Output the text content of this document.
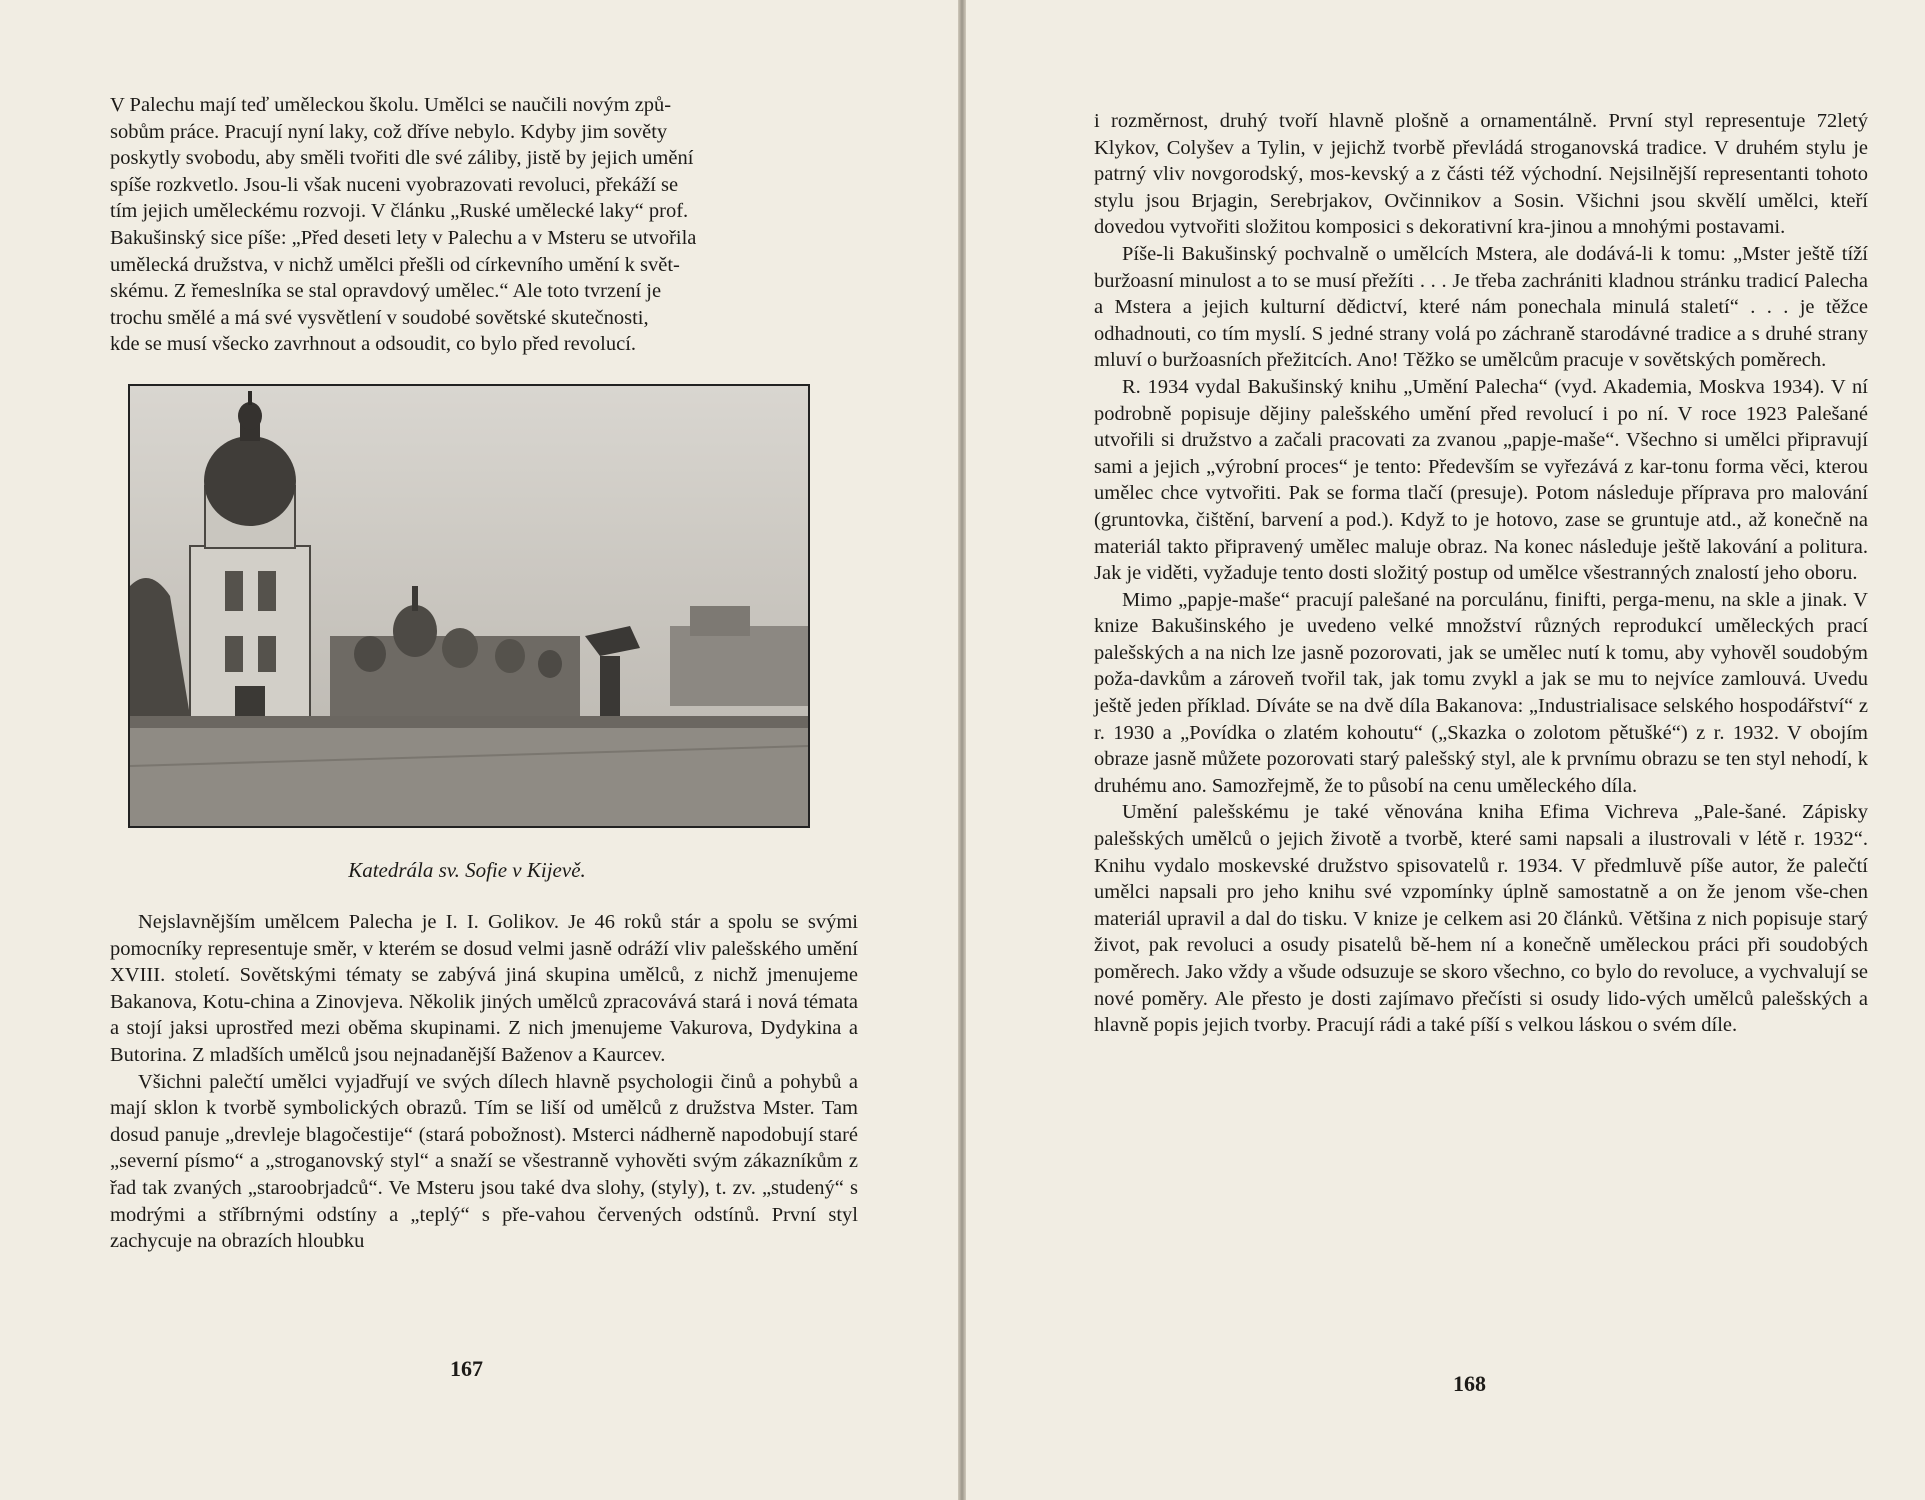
V Palechu mají teď uměleckou školu. Umělci se naučili novým způ-

sobům práce. Pracují nyní laky, což dříve nebylo. Kdyby jim sověty

poskytly svobodu, aby směli tvořiti dle své záliby, jistě by jejich umění

spíše rozkvetlo. Jsou-li však nuceni vyobrazovati revoluci, překáží se

tím jejich uměleckému rozvoji. V článku „Ruské umělecké laky“ prof.

Bakušinský sice píše: „Před deseti lety v Palechu a v Msteru se utvořila

umělecká družstva, v nichž umělci přešli od církevního umění k svět-

skému. Z řemeslníka se stal opravdový umělec.“ Ale toto tvrzení je

trochu smělé a má své vysvětlení v soudobé sovětské skutečnosti,

kde se musí všecko zavrhnout a odsoudit, co bylo před revolucí.

Katedrála sv. Sofie v Kijevě.

Nejslavnějším umělcem Palecha je I. I. Golikov. Je 46 roků stár a spolu se svými pomocníky representuje směr, v kterém se dosud velmi jasně odráží vliv palešského umění XVIII. století. Sovětskými tématy se zabývá jiná skupina umělců, z nichž jmenujeme Bakanova, Kotu-china a Zinovjeva. Několik jiných umělců zpracovává stará i nová témata a stojí jaksi uprostřed mezi oběma skupinami. Z nich jmenujeme Vakurova, Dydykina a Butorina. Z mladších umělců jsou nejnadanější Baženov a Kaurcev.

Všichni palečtí umělci vyjadřují ve svých dílech hlavně psychologii činů a pohybů a mají sklon k tvorbě symbolických obrazů. Tím se liší od umělců z družstva Mster. Tam dosud panuje „drevleje blagočestije“ (stará pobožnost). Msterci nádherně napodobují staré „severní písmo“ a „stroganovský styl“ a snaží se všestranně vyhověti svým zákazníkům z řad tak zvaných „staroobrjadců“. Ve Msteru jsou také dva slohy, (styly), t. zv. „studený“ s modrými a stříbrnými odstíny a „teplý“ s pře-vahou červených odstínů. První styl zachycuje na obrazích hloubku

167

i rozměrnost, druhý tvoří hlavně plošně a ornamentálně. První styl representuje 72letý Klykov, Colyšev a Tylin, v jejichž tvorbě převládá stroganovská tradice. V druhém stylu je patrný vliv novgorodský, mos-kevský a z části též východní. Nejsilnější representanti tohoto stylu jsou Brjagin, Serebrjakov, Ovčinnikov a Sosin. Všichni jsou skvělí umělci, kteří dovedou vytvořiti složitou komposici s dekorativní kra-jinou a mnohými postavami.

Píše-li Bakušinský pochvalně o umělcích Mstera, ale dodává-li k tomu: „Mster ještě tíží buržoasní minulost a to se musí přežíti . . . Je třeba zachrániti kladnou stránku tradicí Palecha a Mstera a jejich kulturní dědictví, které nám ponechala minulá staletí“ . . . je těžce odhadnouti, co tím myslí. S jedné strany volá po záchraně starodávné tradice a s druhé strany mluví o buržoasních přežitcích. Ano! Těžko se umělcům pracuje v sovětských poměrech.

R. 1934 vydal Bakušinský knihu „Umění Palecha“ (vyd. Akademia, Moskva 1934). V ní podrobně popisuje dějiny palešského umění před revolucí i po ní. V roce 1923 Palešané utvořili si družstvo a začali pracovati za zvanou „papje-maše“. Všechno si umělci připravují sami a jejich „výrobní proces“ je tento: Především se vyřezává z kar-tonu forma věci, kterou umělec chce vytvořiti. Pak se forma tlačí (presuje). Potom následuje příprava pro malování (gruntovka, čištění, barvení a pod.). Když to je hotovo, zase se gruntuje atd., až konečně na materiál takto připravený umělec maluje obraz. Na konec následuje ještě lakování a politura. Jak je viděti, vyžaduje tento dosti složitý postup od umělce všestranných znalostí jeho oboru.

Mimo „papje-maše“ pracují palešané na porculánu, finifti, perga-menu, na skle a jinak. V knize Bakušinského je uvedeno velké množství různých reprodukcí uměleckých prací palešských a na nich lze jasně pozorovati, jak se umělec nutí k tomu, aby vyhověl soudobým poža-davkům a zároveň tvořil tak, jak tomu zvykl a jak se mu to nejvíce zamlouvá. Uvedu ještě jeden příklad. Díváte se na dvě díla Bakanova: „Industrialisace selského hospodářství“ z r. 1930 a „Povídka o zlatém kohoutu“ („Skazka o zolotom pětušké“) z r. 1932. V obojím obraze jasně můžete pozorovati starý palešský styl, ale k prvnímu obrazu se ten styl nehodí, k druhému ano. Samozřejmě, že to působí na cenu uměleckého díla.

Umění palešskému je také věnována kniha Efima Vichreva „Pale-šané. Zápisky palešských umělců o jejich životě a tvorbě, které sami napsali a ilustrovali v létě r. 1932“. Knihu vydalo moskevské družstvo spisovatelů r. 1934. V předmluvě píše autor, že palečtí umělci napsali pro jeho knihu své vzpomínky úplně samostatně a on že jenom vše-chen materiál upravil a dal do tisku. V knize je celkem asi 20 článků. Většina z nich popisuje starý život, pak revoluci a osudy pisatelů bě-hem ní a konečně uměleckou práci při soudobých poměrech. Jako vždy a všude odsuzuje se skoro všechno, co bylo do revoluce, a vychvalují se nové poměry. Ale přesto je dosti zajímavo přečísti si osudy lido-vých umělců palešských a hlavně popis jejich tvorby. Pracují rádi a také píší s velkou láskou o svém díle.

168
